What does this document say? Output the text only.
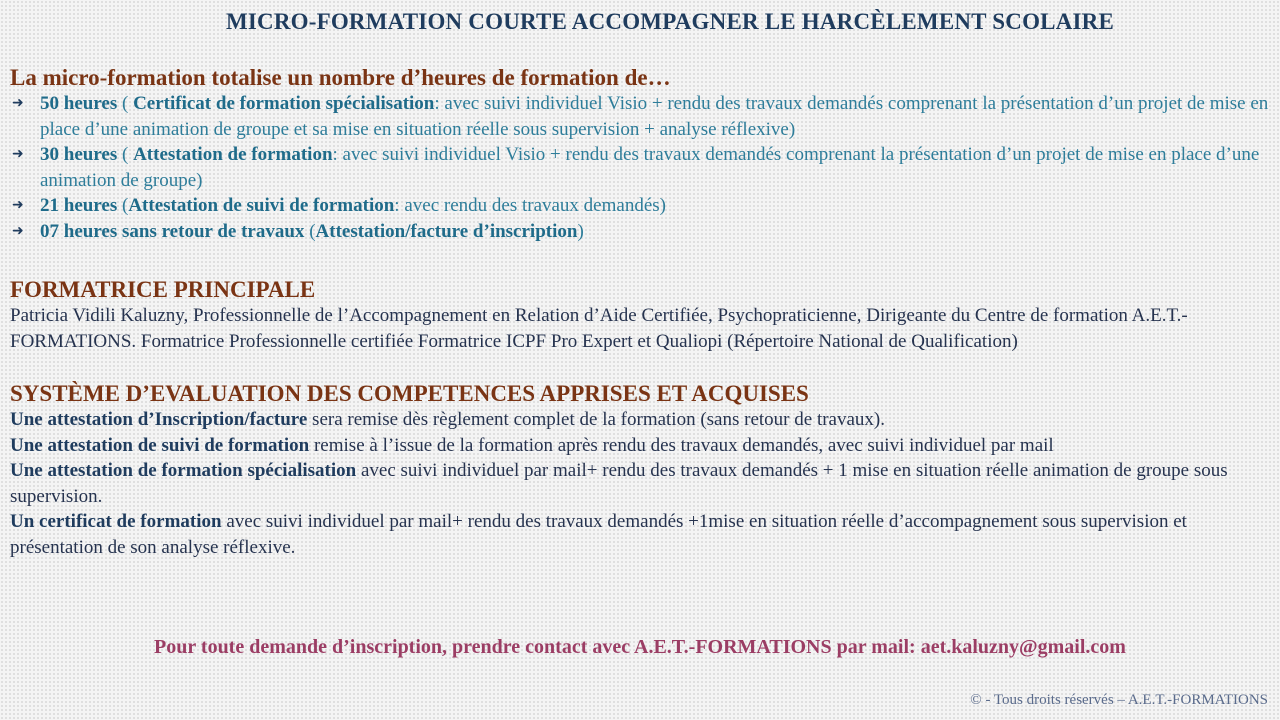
MICRO-FORMATION COURTE ACCOMPAGNER LE HARCÈLEMENT SCOLAIRE
La micro-formation totalise un nombre d’heures de formation de…
➜ 50 heures ( Certificat de formation spécialisation: avec suivi individuel Visio + rendu des travaux demandés comprenant la présentation d’un projet de mise en place d’une animation de groupe et sa mise en situation réelle sous supervision + analyse réflexive)
➜ 30 heures ( Attestation de formation: avec suivi individuel Visio + rendu des travaux demandés comprenant la présentation d’un projet de mise en place d’une animation de groupe)
➜ 21 heures (Attestation de suivi de formation: avec rendu des travaux demandés)
➜ 07 heures sans retour de travaux (Attestation/facture d’inscription)
FORMATRICE PRINCIPALE
Patricia Vidili Kaluzny, Professionnelle de l’Accompagnement en Relation d’Aide Certifiée, Psychopraticienne, Dirigeante du Centre de formation A.E.T.-FORMATIONS. Formatrice Professionnelle certifiée Formatrice ICPF Pro Expert et Qualiopi (Répertoire National de Qualification)
SYSTÈME D’EVALUATION DES COMPETENCES APPRISES ET ACQUISES

Une attestation d’Inscription/facture sera remise dès règlement complet de la formation (sans retour de travaux).

Une attestation de suivi de formation remise à l’issue de la formation après rendu des travaux demandés, avec suivi individuel par mail

Une attestation de formation spécialisation avec suivi individuel par mail+ rendu des travaux demandés + 1 mise en situation réelle animation de groupe sous supervision.

Un certificat de formation avec suivi individuel par mail+ rendu des travaux demandés +1mise en situation réelle d’accompagnement sous supervision et présentation de son analyse réflexive.

Pour toute demande d’inscription, prendre contact avec A.E.T.-FORMATIONS par mail: aet.kaluzny@gmail.com
© - Tous droits réservés – A.E.T.-FORMATIONS
